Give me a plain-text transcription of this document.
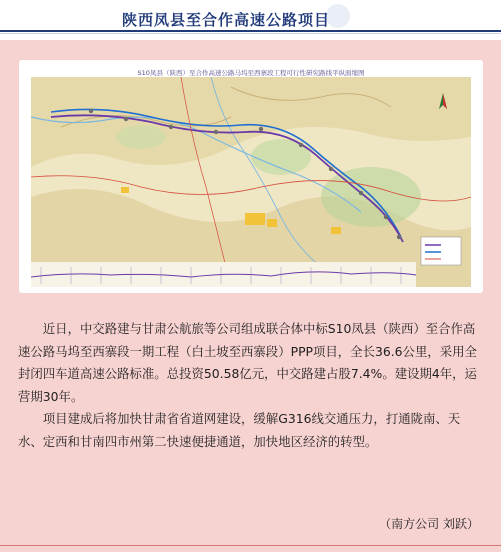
陕西凤县至合作高速公路项目
S10凤县（陕西）至合作高速公路马坞至西寨段工程可行性研究路线平纵面缩图

近日，中交路建与甘肃公航旅等公司组成联合体中标S10凤县（陕西）至合作高速公路马坞至西寨段一期工程（白土坡至西寨段）PPP项目，全长36.6公里，采用全封闭四车道高速公路标准。总投资50.58亿元，中交路建占股7.4%。建设期4年，运营期30年。

项目建成后将加快甘肃省省道网建设，缓解G316线交通压力，打通陇南、天水、定西和甘南四市州第二快速便捷通道，加快地区经济的转型。

（南方公司 刘跃）
